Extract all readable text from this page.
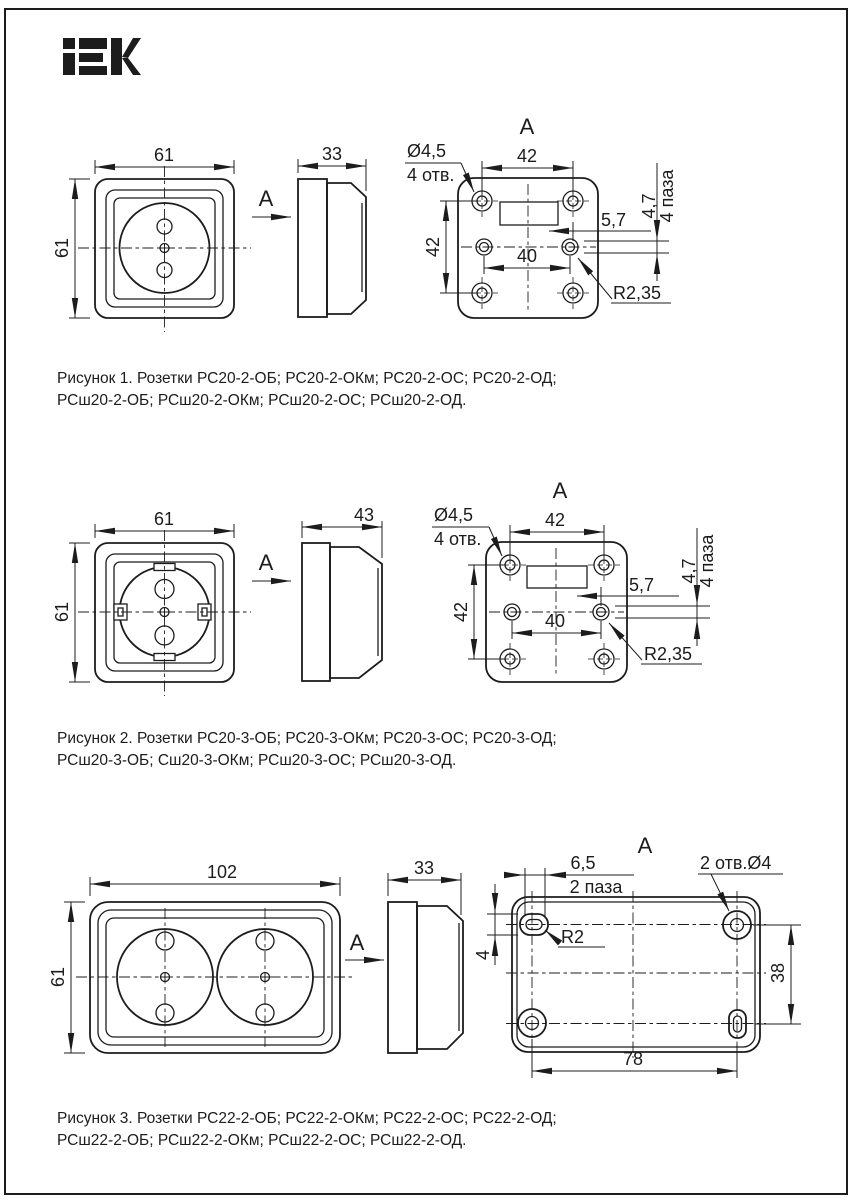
61
61
33
A
A
42
42	40
Ø4,5
4 отв.
5,7
4,7
4 паза
R2,35
Рисунок 1. Розетки РС20-2-ОБ; РС20-2-ОКм; РС20-2-ОС; РС20-2-ОД;
РСш20-2-ОБ; РСш20-2-ОКм; РСш20-2-ОС; РСш20-2-ОД.
61
61
43
A
A
42
42	40
Ø4,5
4 отв.
5,7
4,7
4 паза
R2,35
Рисунок 2. Розетки РС20-3-ОБ; РС20-3-ОКм; РС20-3-ОС; РС20-3-ОД;
РСш20-3-ОБ; Сш20-3-ОКм; РСш20-3-ОС; РСш20-3-ОД.
102
61
33
A
A
6,5
2 паза
2 отв.Ø4
R2
4
38
78
Рисунок 3. Розетки РС22-2-ОБ; РС22-2-ОКм; РС22-2-ОС; РС22-2-ОД;
РСш22-2-ОБ; РСш22-2-ОКм; РСш22-2-ОС; РСш22-2-ОД.
